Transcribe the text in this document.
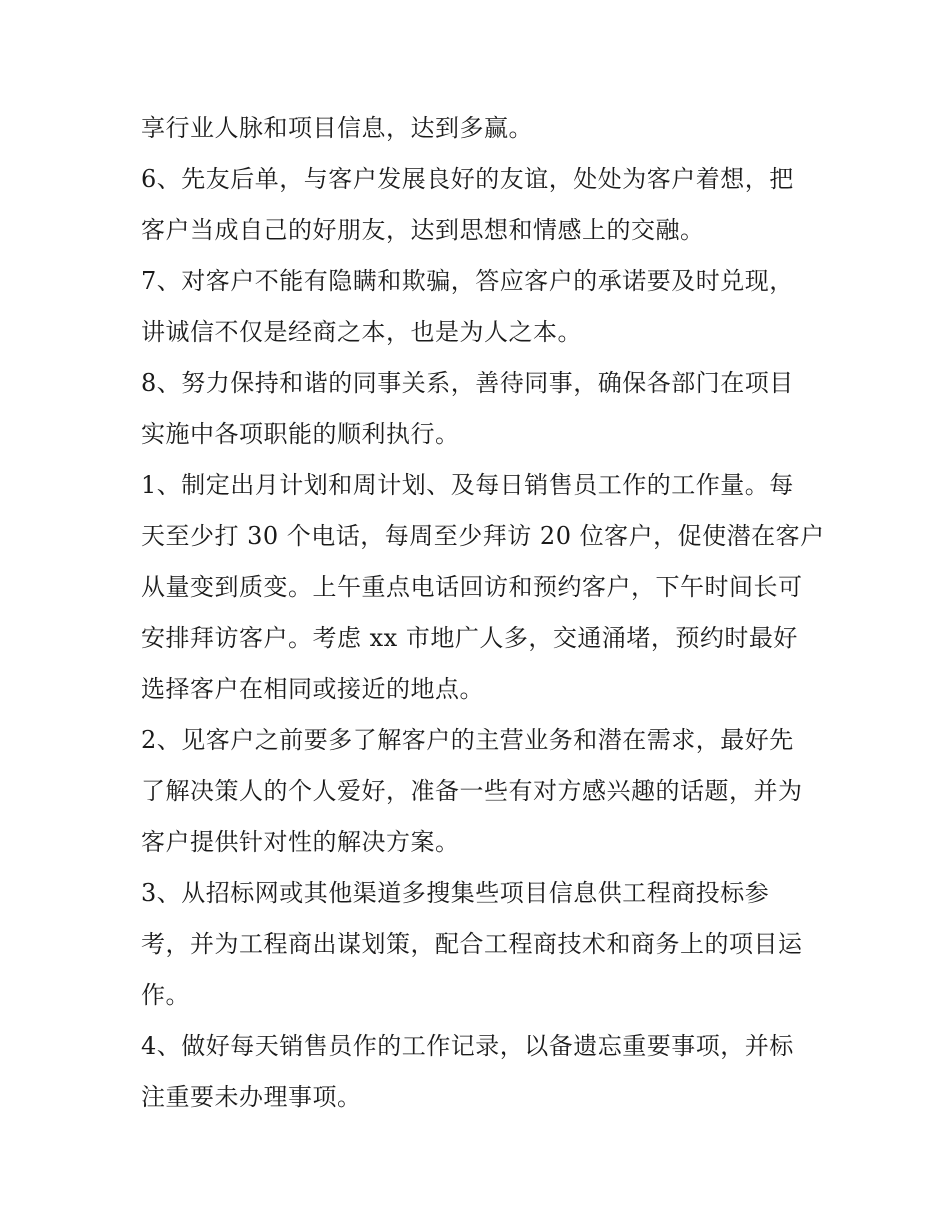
享行业人脉和项目信息，达到多赢。
6、先友后单，与客户发展良好的友谊，处处为客户着想，把
客户当成自己的好朋友，达到思想和情感上的交融。
7、对客户不能有隐瞒和欺骗，答应客户的承诺要及时兑现，
讲诚信不仅是经商之本，也是为人之本。
8、努力保持和谐的同事关系，善待同事，确保各部门在项目
实施中各项职能的顺利执行。
1、制定出月计划和周计划、及每日销售员工作的工作量。每
天至少打 30 个电话，每周至少拜访 20 位客户，促使潜在客户
从量变到质变。上午重点电话回访和预约客户，下午时间长可
安排拜访客户。考虑 xx 市地广人多，交通涌堵，预约时最好
选择客户在相同或接近的地点。
2、见客户之前要多了解客户的主营业务和潜在需求，最好先
了解决策人的个人爱好，准备一些有对方感兴趣的话题，并为
客户提供针对性的解决方案。
3、从招标网或其他渠道多搜集些项目信息供工程商投标参
考，并为工程商出谋划策，配合工程商技术和商务上的项目运
作。
4、做好每天销售员作的工作记录，以备遗忘重要事项，并标
注重要未办理事项。
